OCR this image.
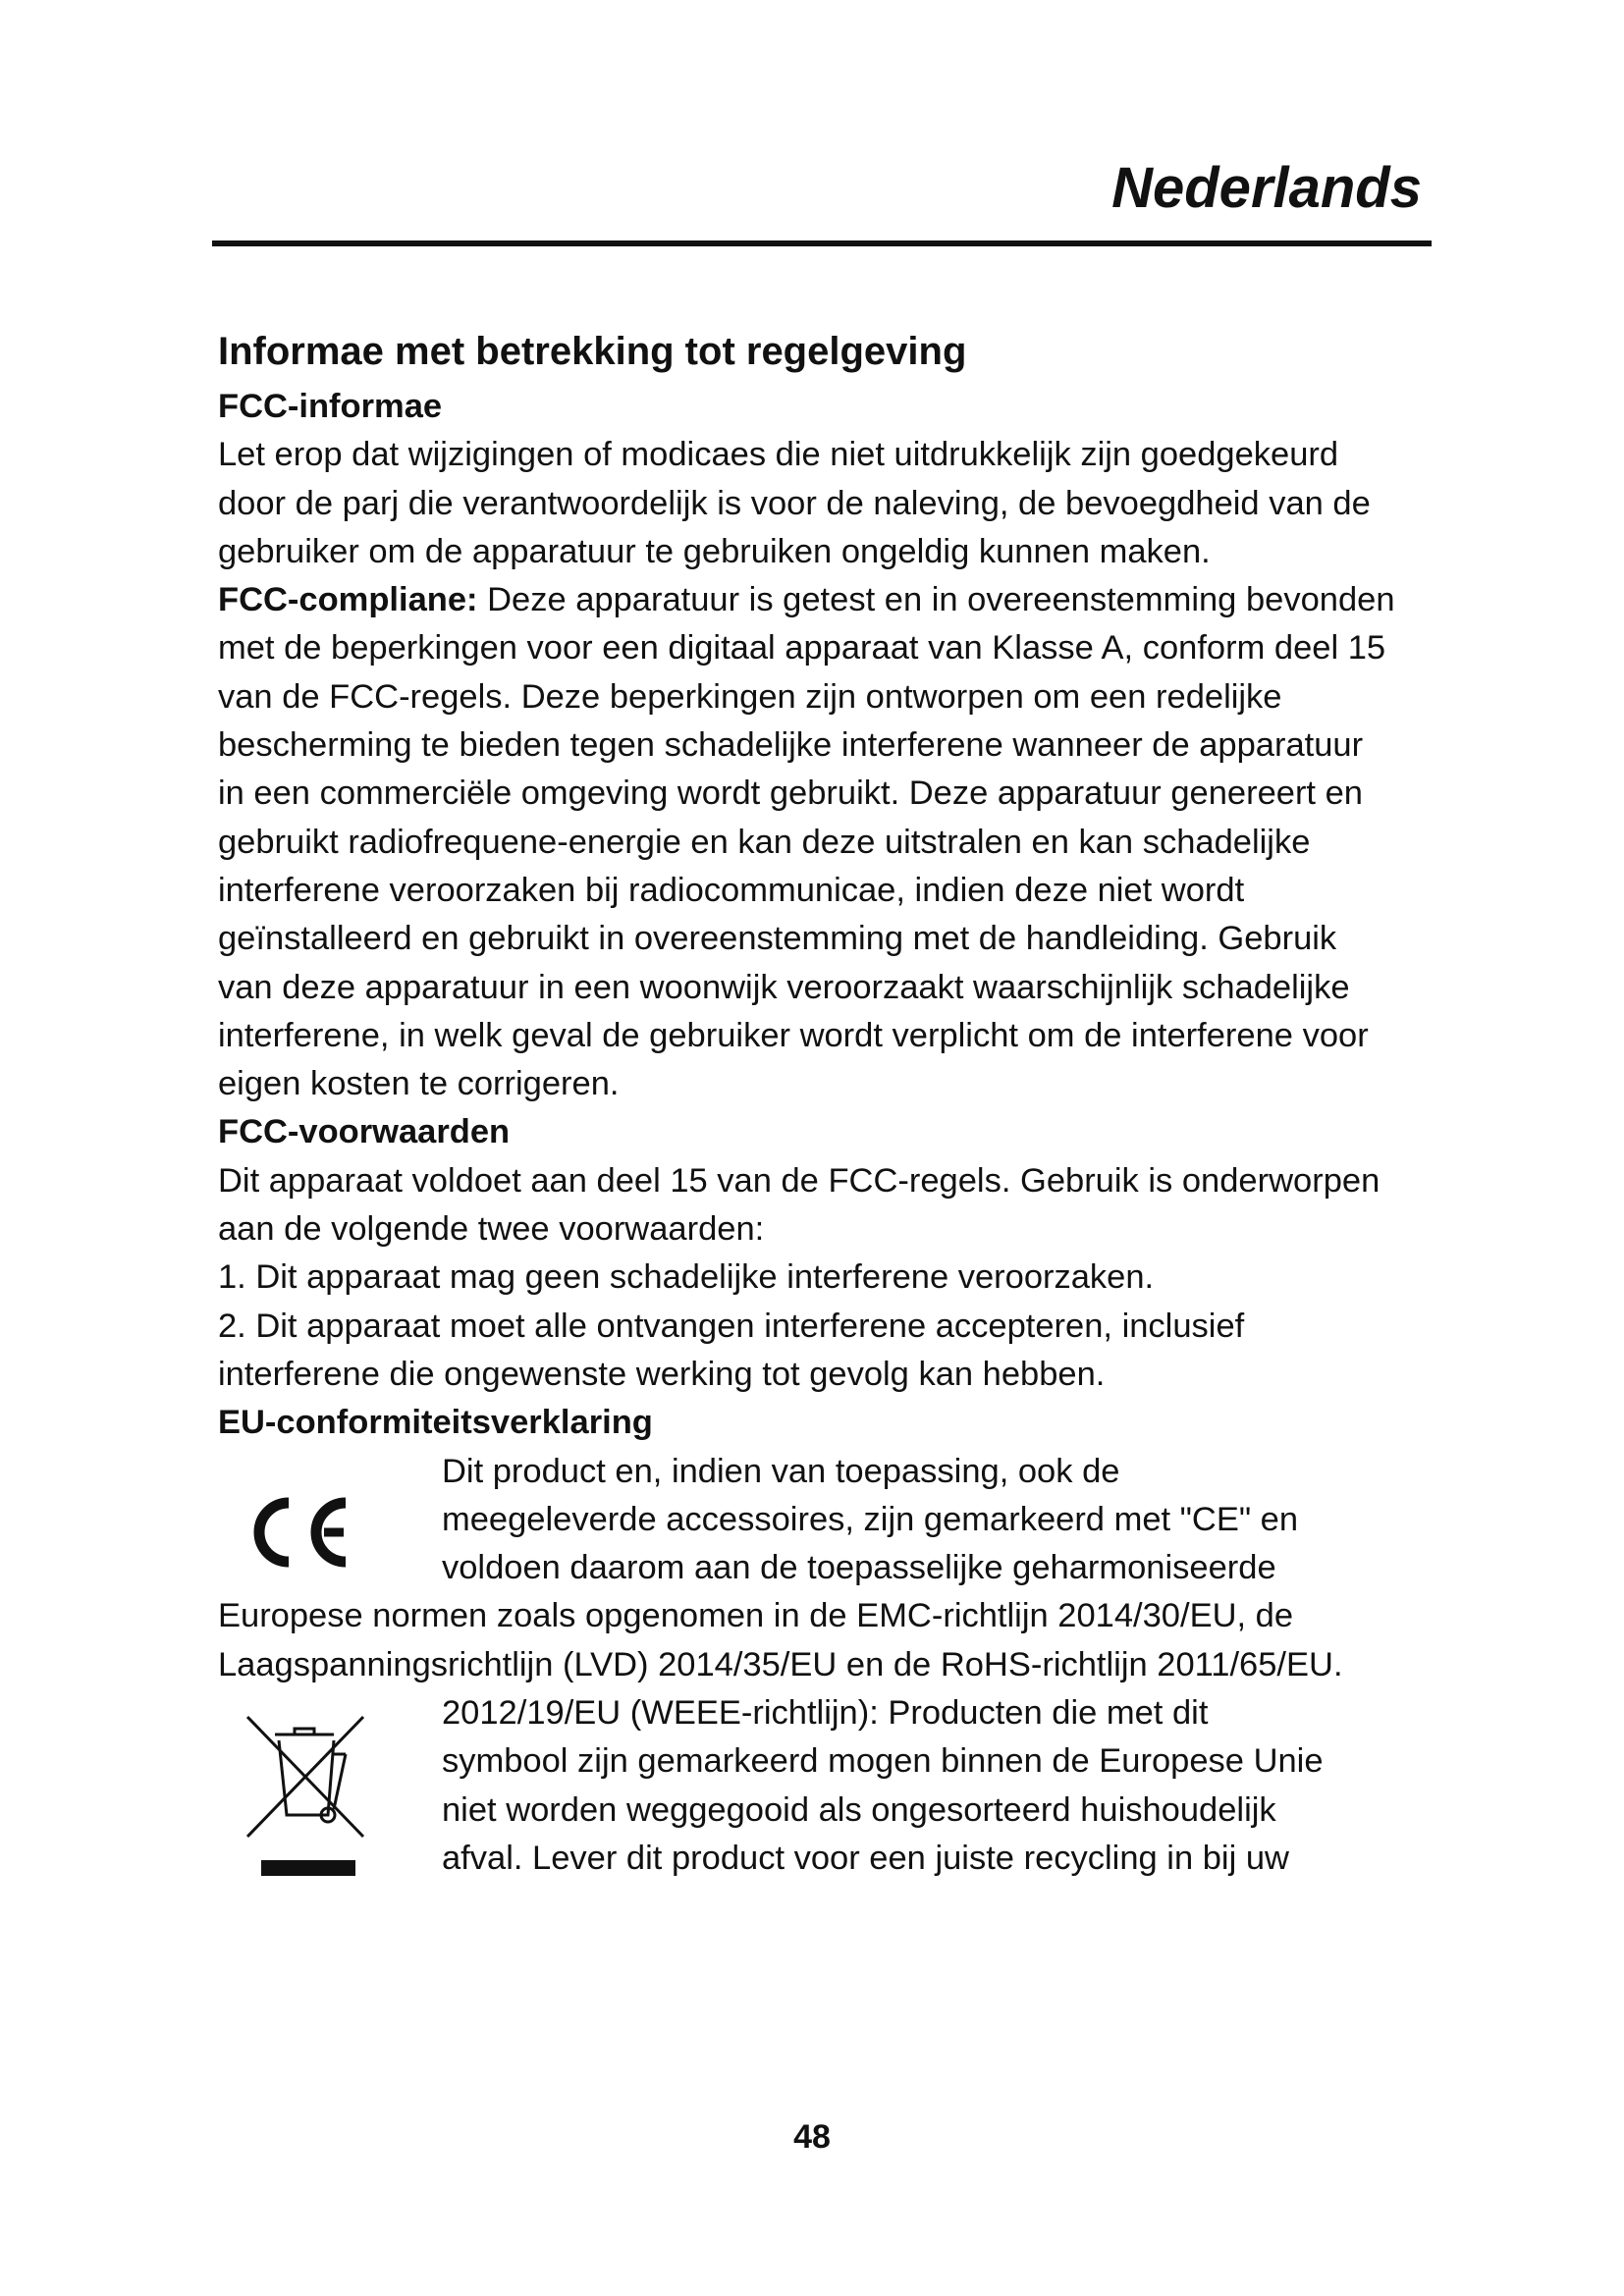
Nederlands

Informae met betrekking tot regelgeving
FCC-informae

Let erop dat wijzigingen of modicaes die niet uitdrukkelijk zijn goedgekeurd door de parj die verantwoordelijk is voor de naleving, de bevoegdheid van de gebruiker om de apparatuur te gebruiken ongeldig kunnen maken.

FCC-compliane: Deze apparatuur is getest en in overeenstemming bevonden met de beperkingen voor een digitaal apparaat van Klasse A, conform deel 15 van de FCC-regels. Deze beperkingen zijn ontworpen om een redelijke bescherming te bieden tegen schadelijke interferene wanneer de apparatuur in een commerciële omgeving wordt gebruikt. Deze apparatuur genereert en gebruikt radiofrequene-energie en kan deze uitstralen en kan schadelijke interferene veroorzaken bij radiocommunicae, indien deze niet wordt geïnstalleerd en gebruikt in overeenstemming met de handleiding. Gebruik van deze apparatuur in een woonwijk veroorzaakt waarschijnlijk schadelijke interferene, in welk geval de gebruiker wordt verplicht om de interferene voor eigen kosten te corrigeren.

FCC-voorwaarden

Dit apparaat voldoet aan deel 15 van de FCC-regels. Gebruik is onderworpen aan de volgende twee voorwaarden:

1. Dit apparaat mag geen schadelijke interferene veroorzaken.

2. Dit apparaat moet alle ontvangen interferene accepteren, inclusief interferene die ongewenste werking tot gevolg kan hebben.

EU-conformiteitsverklaring

Dit product en, indien van toepassing, ook de

meegeleverde accessoires, zijn gemarkeerd met "CE" en

voldoen daarom aan de toepasselijke geharmoniseerde

Europese normen zoals opgenomen in de EMC-richtlijn 2014/30/EU, de Laagspanningsrichtlijn (LVD) 2014/35/EU en de RoHS-richtlijn 2011/65/EU.

2012/19/EU (WEEE-richtlijn): Producten die met dit

symbool zijn gemarkeerd mogen binnen de Europese Unie

niet worden weggegooid als ongesorteerd huishoudelijk

afval. Lever dit product voor een juiste recycling in bij uw

48
